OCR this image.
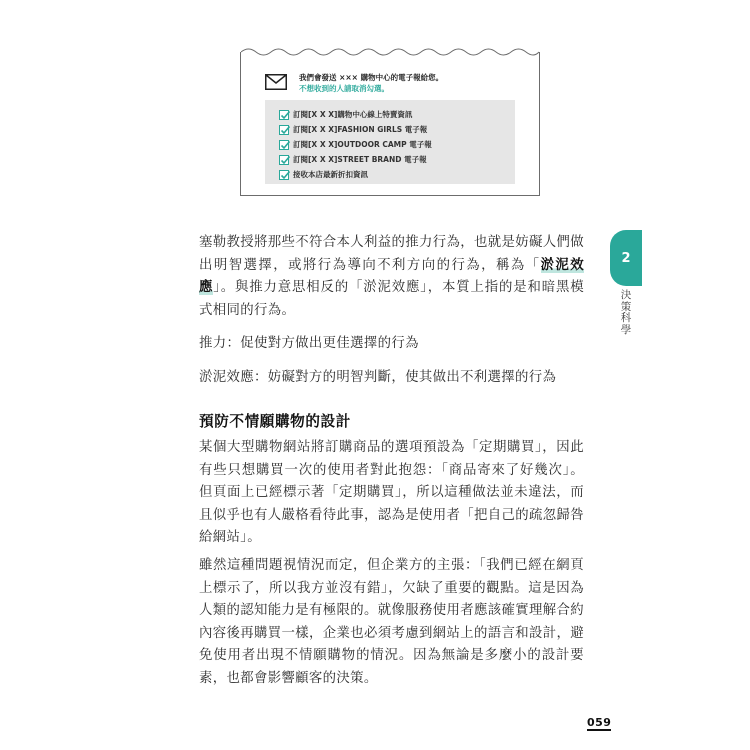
我們會發送 ××× 購物中心的電子報給您。
不想收到的人請取消勾選。
訂閱[X X X]購物中心線上特賣資訊
訂閱[X X X]FASHION GIRLS 電子報
訂閱[X X X]OUTDOOR CAMP 電子報
訂閱[X X X]STREET BRAND 電子報
接收本店最新折扣資訊
塞勒教授將那些不符合本人利益的推力行為，也就是妨礙人們做出明智選擇，或將行為導向不利方向的行為，稱為「淤泥效應」。與推力意思相反的「淤泥效應」，本質上指的是和暗黑模式相同的行為。
推力：促使對方做出更佳選擇的行為
淤泥效應：妨礙對方的明智判斷，使其做出不利選擇的行為
預防不情願購物的設計
某個大型購物網站將訂購商品的選項預設為「定期購買」，因此有些只想購買一次的使用者對此抱怨：「商品寄來了好幾次」。但頁面上已經標示著「定期購買」，所以這種做法並未違法，而且似乎也有人嚴格看待此事，認為是使用者「把自己的疏忽歸咎給網站」。
雖然這種問題視情況而定，但企業方的主張：「我們已經在網頁上標示了，所以我方並沒有錯」，欠缺了重要的觀點。這是因為人類的認知能力是有極限的。就像服務使用者應該確實理解合約內容後再購買一樣，企業也必須考慮到網站上的語言和設計，避免使用者出現不情願購物的情況。因為無論是多麼小的設計要素，也都會影響顧客的決策。
2
決策科學
059
